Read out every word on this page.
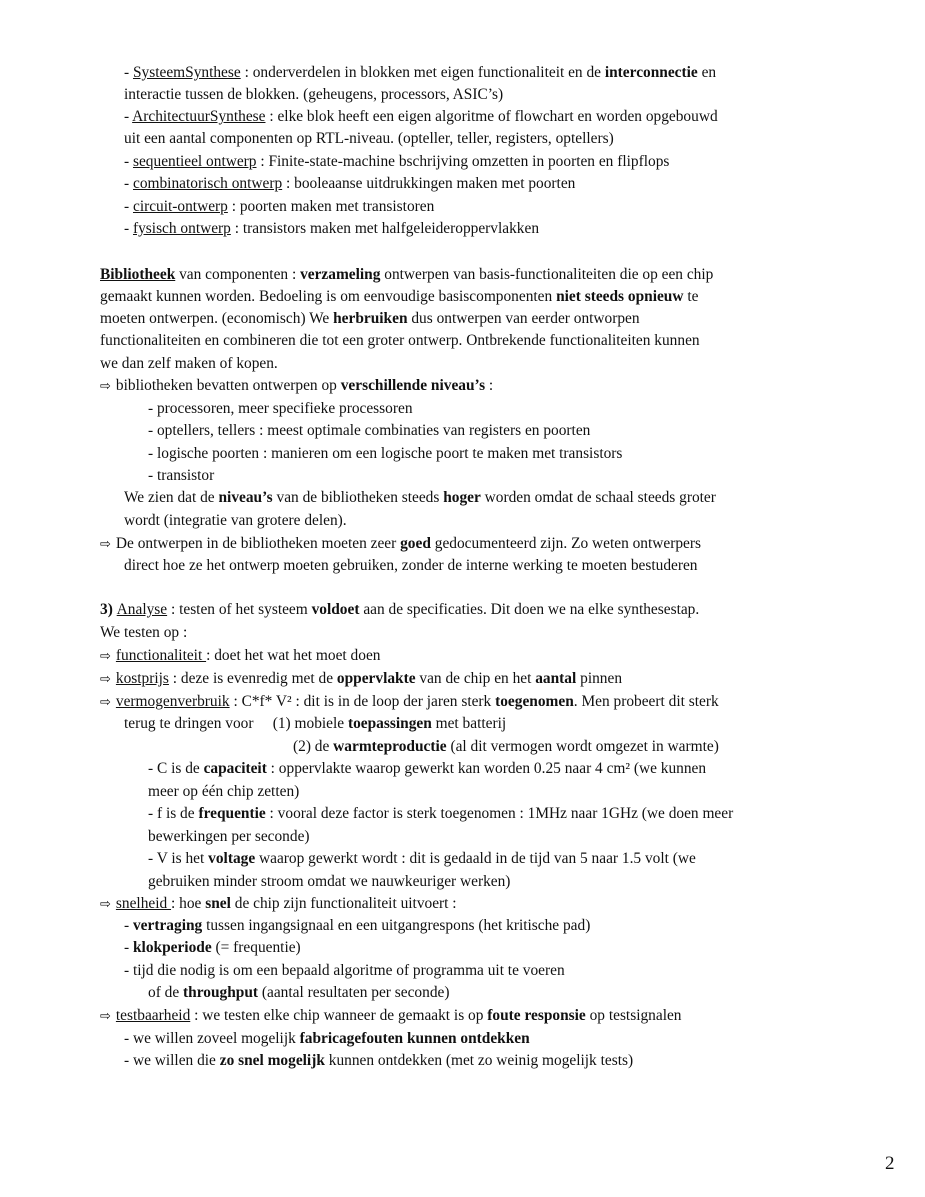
- SysteemSynthese : onderverdelen in blokken met eigen functionaliteit en de interconnectie en
interactie tussen de blokken. (geheugens, processors, ASIC’s)
- ArchitectuurSynthese : elke blok heeft een eigen algoritme of flowchart en worden opgebouwd
uit een aantal componenten op RTL-niveau. (opteller, teller, registers, optellers)
- sequentieel ontwerp : Finite-state-machine bschrijving omzetten in poorten en flipflops
- combinatorisch ontwerp : booleaanse uitdrukkingen maken met poorten
- circuit-ontwerp : poorten maken met transistoren
- fysisch ontwerp : transistors maken met halfgeleideroppervlakken
Bibliotheek van componenten : verzameling ontwerpen van basis-functionaliteiten die op een chip
gemaakt kunnen worden. Bedoeling is om eenvoudige basiscomponenten niet steeds opnieuw te
moeten ontwerpen. (economisch) We herbruiken dus ontwerpen van eerder ontworpen
functionaliteiten en combineren die tot een groter ontwerp. Ontbrekende functionaliteiten kunnen
we dan zelf maken of kopen.
⇨ bibliotheken bevatten ontwerpen op verschillende niveau’s :
- processoren, meer specifieke processoren
- optellers, tellers : meest optimale combinaties van registers en poorten
- logische poorten : manieren om een logische poort te maken met transistors
- transistor
We zien dat de niveau’s van de bibliotheken steeds hoger worden omdat de schaal steeds groter
wordt (integratie van grotere delen).
⇨ De ontwerpen in de bibliotheken moeten zeer goed gedocumenteerd zijn. Zo weten ontwerpers
direct hoe ze het ontwerp moeten gebruiken, zonder de interne werking te moeten bestuderen
3) Analyse : testen of het systeem voldoet aan de specificaties. Dit doen we na elke synthesestap.
We testen op :
⇨ functionaliteit : doet het wat het moet doen
⇨ kostprijs : deze is evenredig met de oppervlakte van de chip en het aantal pinnen
⇨ vermogenverbruik : C*f* V² : dit is in de loop der jaren sterk toegenomen. Men probeert dit sterk
terug te dringen voor     (1) mobiele toepassingen met batterij
(2) de warmteproductie (al dit vermogen wordt omgezet in warmte)
- C is de capaciteit : oppervlakte waarop gewerkt kan worden 0.25 naar 4 cm² (we kunnen
meer op één chip zetten)
- f is de frequentie : vooral deze factor is sterk toegenomen : 1MHz naar 1GHz (we doen meer
bewerkingen per seconde)
- V is het voltage waarop gewerkt wordt : dit is gedaald in de tijd van 5 naar 1.5 volt (we
gebruiken minder stroom omdat we nauwkeuriger werken)
⇨ snelheid : hoe snel de chip zijn functionaliteit uitvoert :
- vertraging tussen ingangsignaal en een uitgangrespons (het kritische pad)
- klokperiode (= frequentie)
- tijd die nodig is om een bepaald algoritme of programma uit te voeren
of de throughput (aantal resultaten per seconde)
⇨ testbaarheid : we testen elke chip wanneer de gemaakt is op foute responsie op testsignalen
- we willen zoveel mogelijk fabricagefouten kunnen ontdekken
- we willen die zo snel mogelijk kunnen ontdekken (met zo weinig mogelijk tests)
2
